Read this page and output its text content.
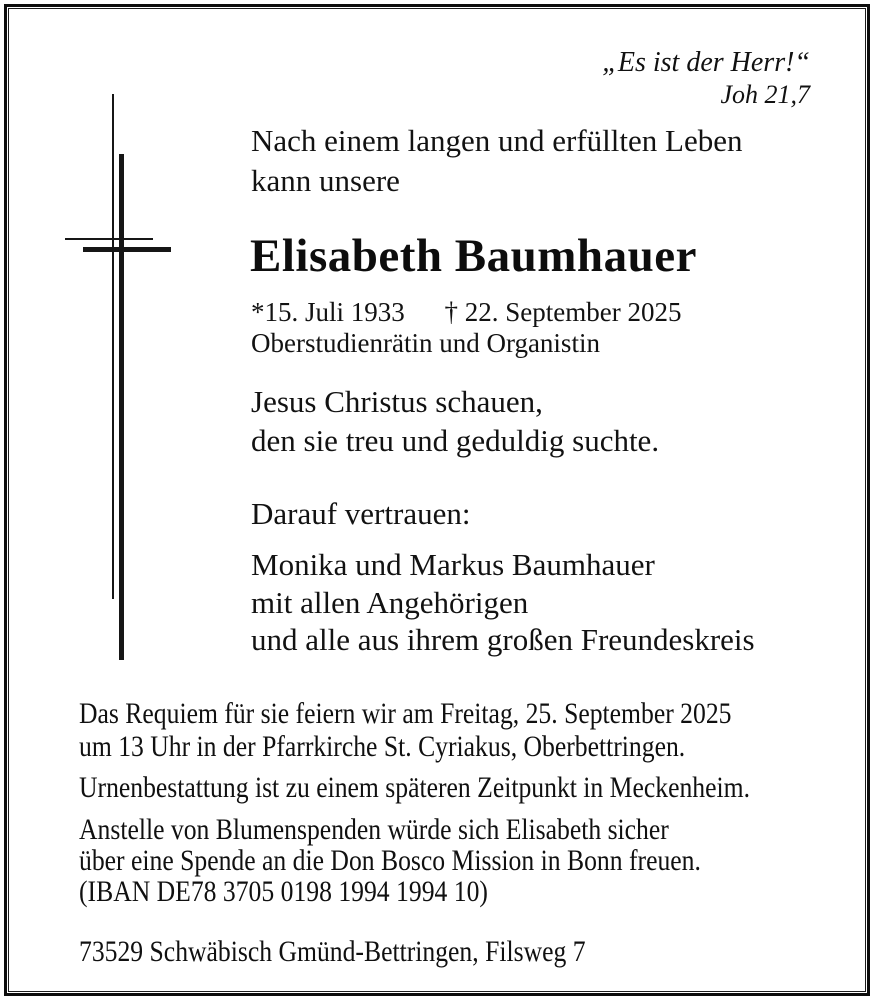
„Es ist der Herr!“
Joh 21,7
Nach einem langen und erfüllten Leben
kann unsere
Elisabeth Baumhauer
*15. Juli 1933 † 22. September 2025
Oberstudienrätin und Organistin
Jesus Christus schauen,
den sie treu und geduldig suchte.
Darauf vertrauen:
Monika und Markus Baumhauer
mit allen Angehörigen
und alle aus ihrem großen Freundeskreis
Das Requiem für sie feiern wir am Freitag, 25. September 2025
um 13 Uhr in der Pfarrkirche St. Cyriakus, Oberbettringen.
Urnenbestattung ist zu einem späteren Zeitpunkt in Meckenheim.
Anstelle von Blumenspenden würde sich Elisabeth sicher
über eine Spende an die Don Bosco Mission in Bonn freuen.
(IBAN DE78 3705 0198 1994 1994 10)
73529 Schwäbisch Gmünd-Bettringen, Filsweg 7
